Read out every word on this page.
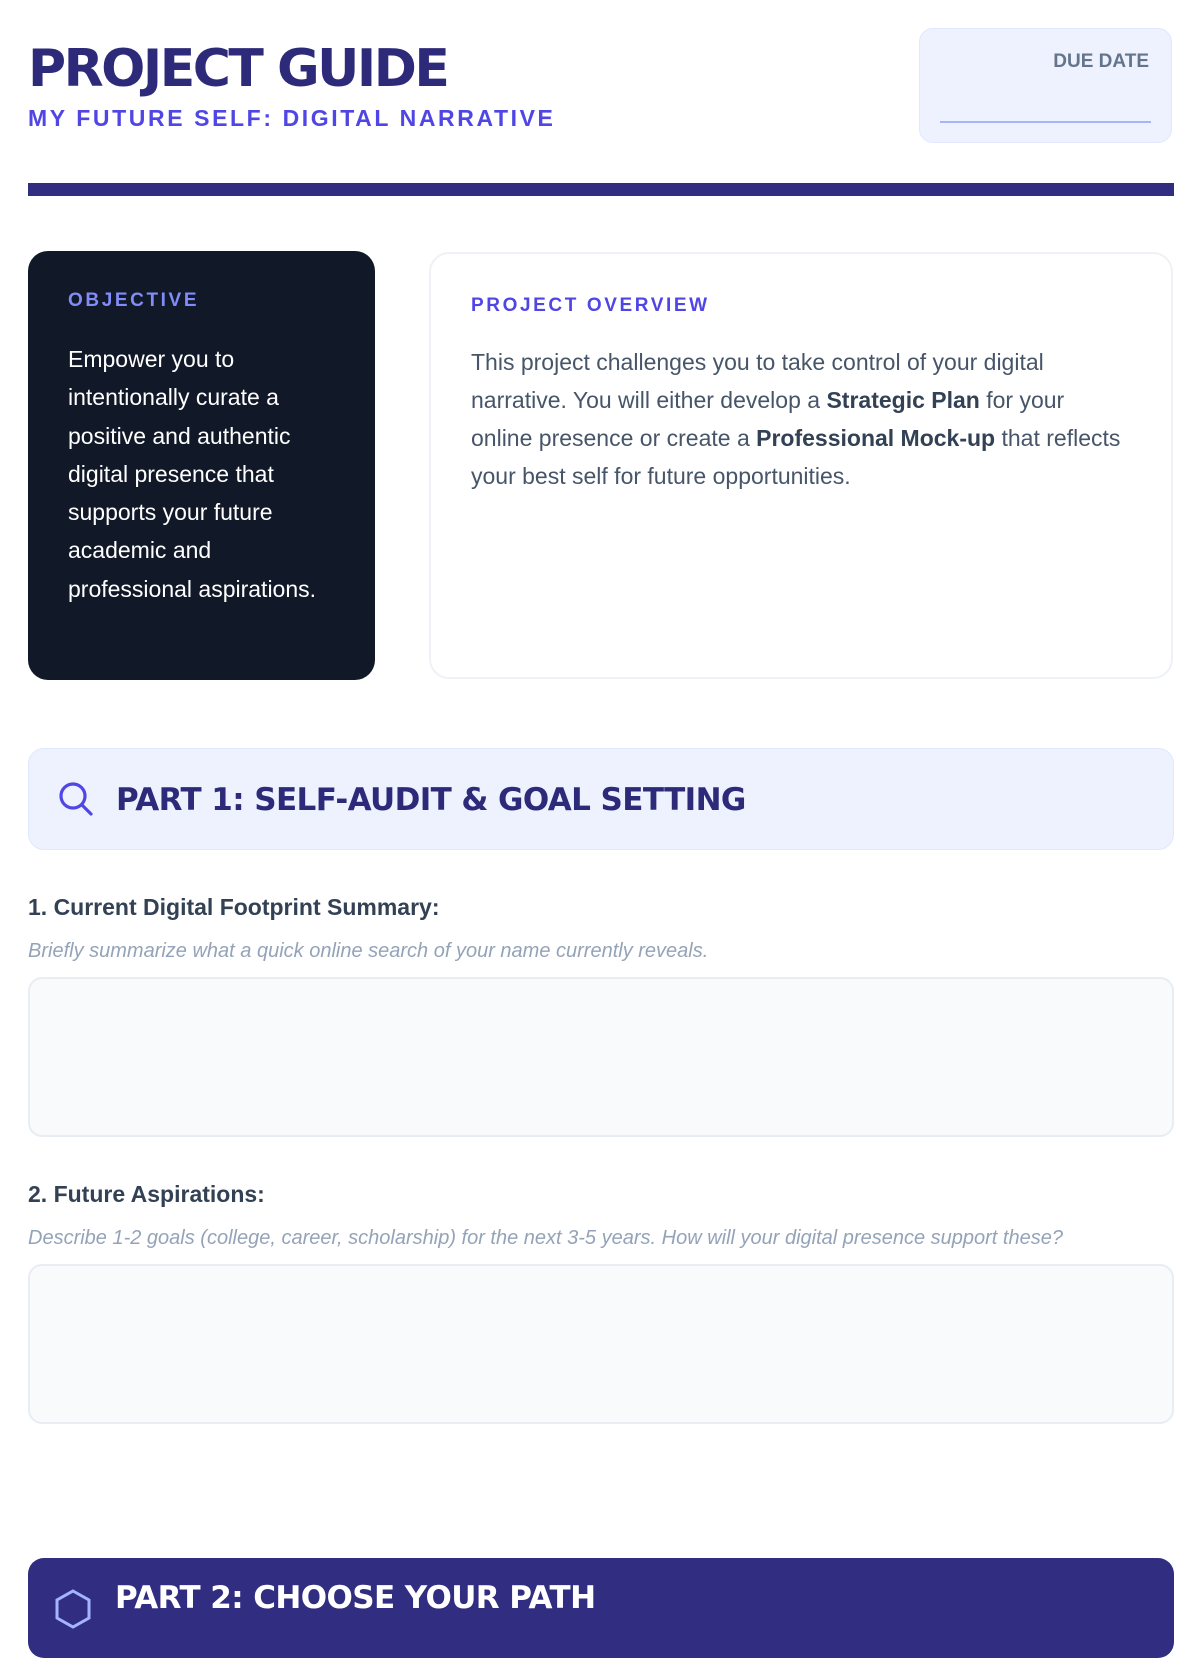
PROJECT GUIDE
MY FUTURE SELF: DIGITAL NARRATIVE
DUE DATE
OBJECTIVE
Empower you to intentionally curate a positive and authentic digital presence that supports your future academic and professional aspirations.
PROJECT OVERVIEW
This project challenges you to take control of your digital narrative. You will either develop a Strategic Plan for your online presence or create a Professional Mock-up that reflects your best self for future opportunities.
PART 1: SELF-AUDIT & GOAL SETTING
1. Current Digital Footprint Summary:
Briefly summarize what a quick online search of your name currently reveals.
2. Future Aspirations:
Describe 1-2 goals (college, career, scholarship) for the next 3-5 years. How will your digital presence support these?
PART 2: CHOOSE YOUR PATH
